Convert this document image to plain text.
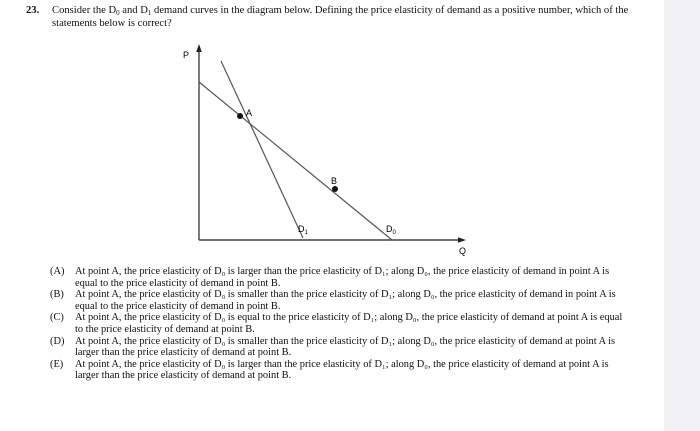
23. Consider the D0 and D1 demand curves in the diagram below. Defining the price elasticity of demand as a positive number, which of the statements below is correct?
P
Q
A
B
$D_1$	$D_0$
(A) At point A, the price elasticity of D₀ is larger than the price elasticity of D₁; along D₀, the price elasticity of demand in point A is equal to the price elasticity of demand in point B.
(B) At point A, the price elasticity of D₀ is smaller than the price elasticity of D₁; along D₀, the price elasticity of demand in point A is equal to the price elasticity of demand in point B.
(C) At point A, the price elasticity of D₀ is equal to the price elasticity of D₁; along D₀, the price elasticity of demand at point A is equal to the price elasticity of demand at point B.
(D) At point A, the price elasticity of D₀ is smaller than the price elasticity of D₁; along D₀, the price elasticity of demand at point A is larger than the price elasticity of demand at point B.
(E) At point A, the price elasticity of D₀ is larger than the price elasticity of D₁; along D₀, the price elasticity of demand at point A is larger than the price elasticity of demand at point B.
